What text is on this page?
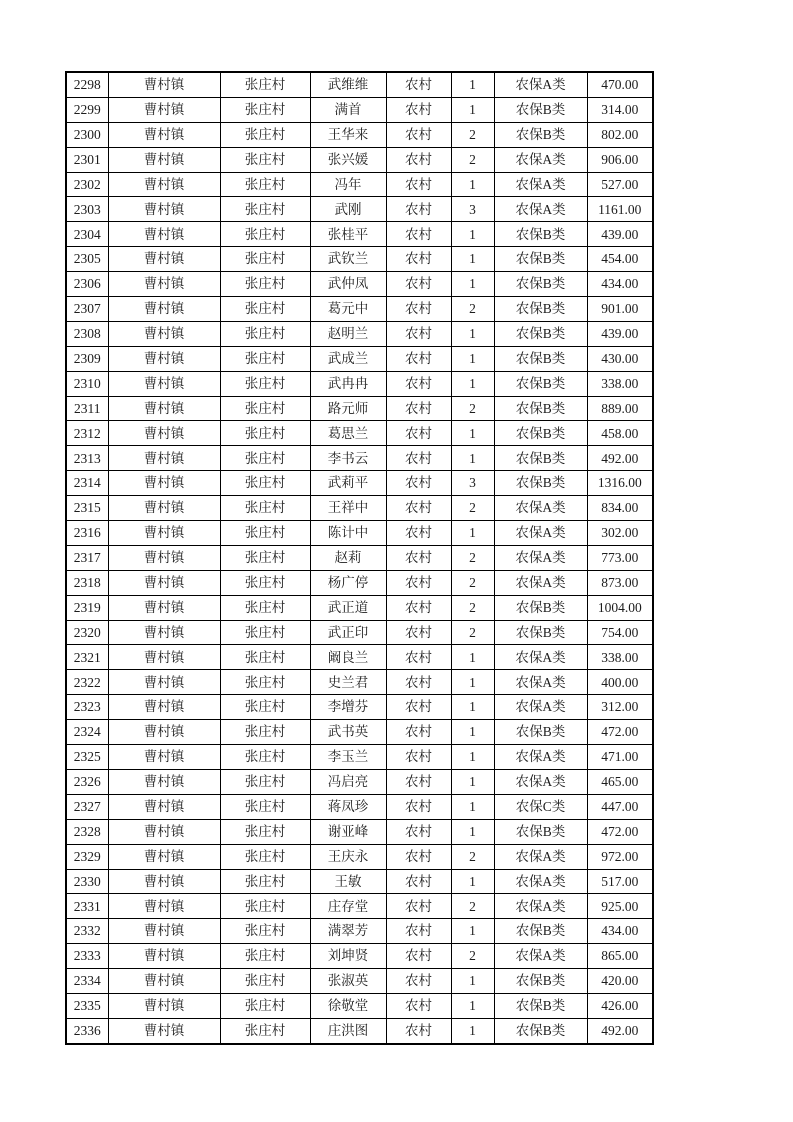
2298	曹村镇	张庄村	武维维	农村	1	农保A类	470.00
2299	曹村镇	张庄村	满首	农村	1	农保B类	314.00
2300	曹村镇	张庄村	王华来	农村	2	农保B类	802.00
2301	曹村镇	张庄村	张兴媛	农村	2	农保A类	906.00
2302	曹村镇	张庄村	冯年	农村	1	农保A类	527.00
2303	曹村镇	张庄村	武刚	农村	3	农保A类	1161.00
2304	曹村镇	张庄村	张桂平	农村	1	农保B类	439.00
2305	曹村镇	张庄村	武钦兰	农村	1	农保B类	454.00
2306	曹村镇	张庄村	武仲凤	农村	1	农保B类	434.00
2307	曹村镇	张庄村	葛元中	农村	2	农保B类	901.00
2308	曹村镇	张庄村	赵明兰	农村	1	农保B类	439.00
2309	曹村镇	张庄村	武成兰	农村	1	农保B类	430.00
2310	曹村镇	张庄村	武冉冉	农村	1	农保B类	338.00
2311	曹村镇	张庄村	路元师	农村	2	农保B类	889.00
2312	曹村镇	张庄村	葛思兰	农村	1	农保B类	458.00
2313	曹村镇	张庄村	李书云	农村	1	农保B类	492.00
2314	曹村镇	张庄村	武莉平	农村	3	农保B类	1316.00
2315	曹村镇	张庄村	王祥中	农村	2	农保A类	834.00
2316	曹村镇	张庄村	陈计中	农村	1	农保A类	302.00
2317	曹村镇	张庄村	赵莉	农村	2	农保A类	773.00
2318	曹村镇	张庄村	杨广停	农村	2	农保A类	873.00
2319	曹村镇	张庄村	武正道	农村	2	农保B类	1004.00
2320	曹村镇	张庄村	武正印	农村	2	农保B类	754.00
2321	曹村镇	张庄村	阚良兰	农村	1	农保A类	338.00
2322	曹村镇	张庄村	史兰君	农村	1	农保A类	400.00
2323	曹村镇	张庄村	李增芬	农村	1	农保A类	312.00
2324	曹村镇	张庄村	武书英	农村	1	农保B类	472.00
2325	曹村镇	张庄村	李玉兰	农村	1	农保A类	471.00
2326	曹村镇	张庄村	冯启亮	农村	1	农保A类	465.00
2327	曹村镇	张庄村	蒋凤珍	农村	1	农保C类	447.00
2328	曹村镇	张庄村	谢亚峰	农村	1	农保B类	472.00
2329	曹村镇	张庄村	王庆永	农村	2	农保A类	972.00
2330	曹村镇	张庄村	王敏	农村	1	农保A类	517.00
2331	曹村镇	张庄村	庄存堂	农村	2	农保A类	925.00
2332	曹村镇	张庄村	满翠芳	农村	1	农保B类	434.00
2333	曹村镇	张庄村	刘坤贤	农村	2	农保A类	865.00
2334	曹村镇	张庄村	张淑英	农村	1	农保B类	420.00
2335	曹村镇	张庄村	徐敬堂	农村	1	农保B类	426.00
2336	曹村镇	张庄村	庄洪图	农村	1	农保B类	492.00
